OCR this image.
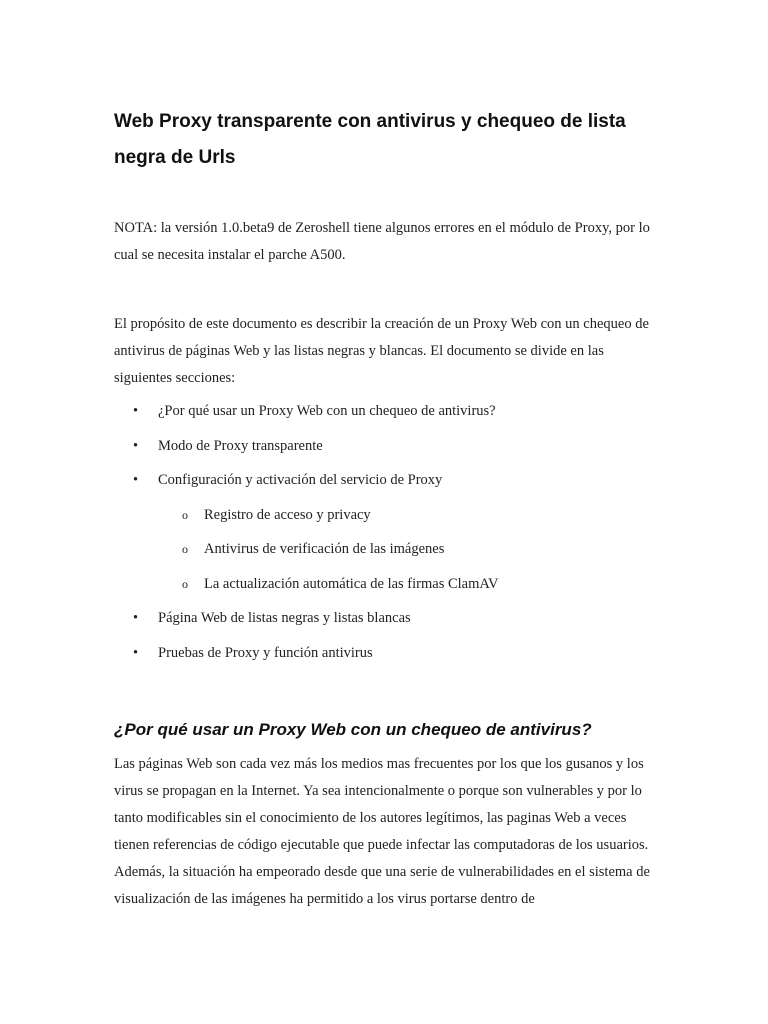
Web Proxy transparente con antivirus y chequeo de lista negra de Urls

NOTA: la versión 1.0.beta9 de Zeroshell tiene algunos errores en el módulo de Proxy, por lo cual se necesita instalar el parche A500.

El propósito de este documento es describir la creación de un Proxy Web con un chequeo de antivirus de páginas Web y las listas negras y blancas. El documento se divide en las siguientes secciones:

•	¿Por qué usar un Proxy Web con un chequeo de antivirus?
•	Modo de Proxy transparente
•	Configuración y activación del servicio de Proxy
o	Registro de acceso y privacy
o	Antivirus de verificación de las imágenes
o	La actualización automática de las firmas ClamAV
•	Página Web de listas negras y listas blancas
•	Pruebas de Proxy y función antivirus
¿Por qué usar un Proxy Web con un chequeo de antivirus?

Las páginas Web son cada vez más los medios mas frecuentes por los que los gusanos y los virus se propagan en la Internet. Ya sea intencionalmente o porque son vulnerables y por lo tanto modificables sin el conocimiento de los autores legítimos, las paginas Web a veces tienen referencias de código ejecutable que puede infectar las computadoras de los usuarios. Además, la situación ha empeorado desde que una serie de vulnerabilidades en el sistema de visualización de las imágenes ha permitido a los virus portarse dentro de
